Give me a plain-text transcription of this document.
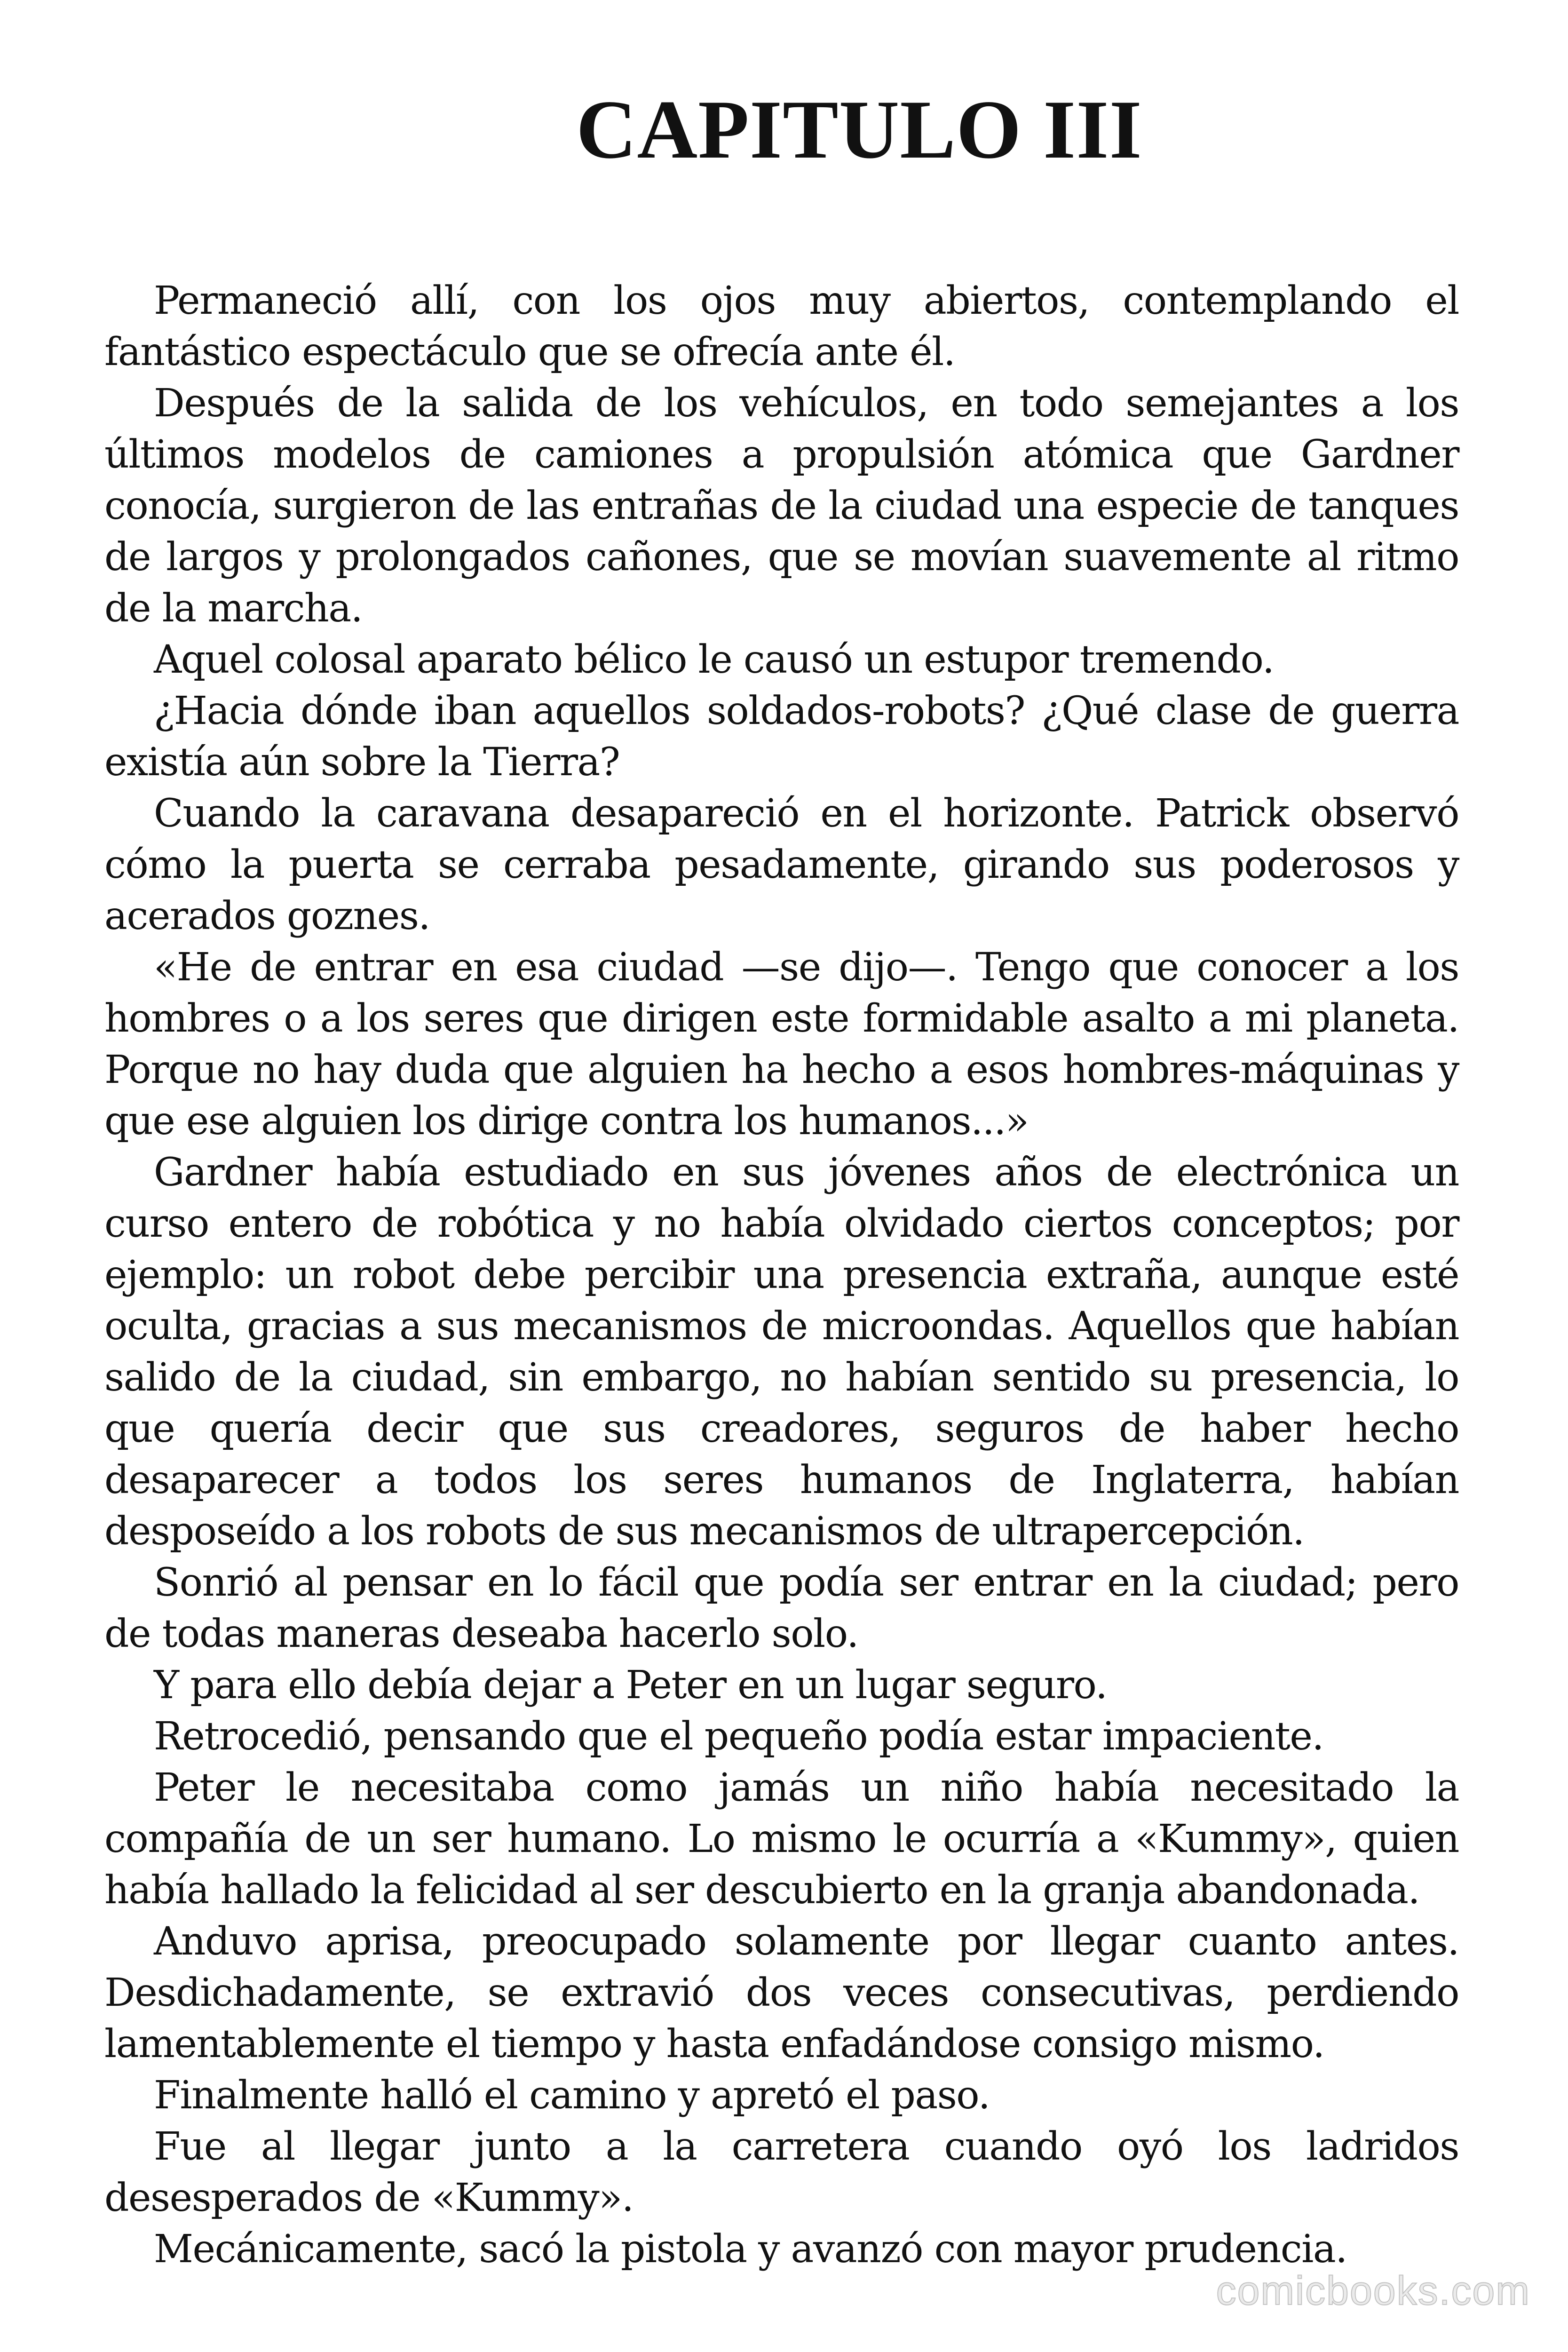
CAPITULO III

Permaneció allí, con los ojos muy abiertos, contemplando el fantástico espectáculo que se ofrecía ante él.

Después de la salida de los vehículos, en todo semejantes a los últimos modelos de camiones a propulsión atómica que Gardner conocía, surgieron de las entrañas de la ciudad una especie de tanques de largos y prolongados cañones, que se movían suavemente al ritmo de la marcha.

Aquel colosal aparato bélico le causó un estupor tremendo.

¿Hacia dónde iban aquellos soldados-robots? ¿Qué clase de guerra existía aún sobre la Tierra?

Cuando la caravana desapareció en el horizonte. Patrick observó cómo la puerta se cerraba pesadamente, girando sus poderosos y acerados goznes.

«He de entrar en esa ciudad —se dijo—. Tengo que conocer a los hombres o a los seres que dirigen este formidable asalto a mi planeta. Porque no hay duda que alguien ha hecho a esos hombres-máquinas y que ese alguien los dirige contra los humanos...»

Gardner había estudiado en sus jóvenes años de electrónica un curso entero de robótica y no había olvidado ciertos conceptos; por ejemplo: un robot debe percibir una presencia extraña, aunque esté oculta, gracias a sus mecanismos de microondas. Aquellos que habían salido de la ciudad, sin embargo, no habían sentido su presencia, lo que quería decir que sus creadores, seguros de haber hecho desaparecer a todos los seres humanos de Inglaterra, habían desposeído a los robots de sus mecanismos de ultrapercepción.

Sonrió al pensar en lo fácil que podía ser entrar en la ciudad; pero de todas maneras deseaba hacerlo solo.

Y para ello debía dejar a Peter en un lugar seguro.

Retrocedió, pensando que el pequeño podía estar impaciente.

Peter le necesitaba como jamás un niño había necesitado la compañía de un ser humano. Lo mismo le ocurría a «Kummy», quien había hallado la felicidad al ser descubierto en la granja abandonada.

Anduvo aprisa, preocupado solamente por llegar cuanto antes. Desdichadamente, se extravió dos veces consecutivas, perdiendo lamentablemente el tiempo y hasta enfadándose consigo mismo.

Finalmente halló el camino y apretó el paso.

Fue al llegar junto a la carretera cuando oyó los ladridos desesperados de «Kummy».

Mecánicamente, sacó la pistola y avanzó con mayor prudencia.

comicbooks.com
